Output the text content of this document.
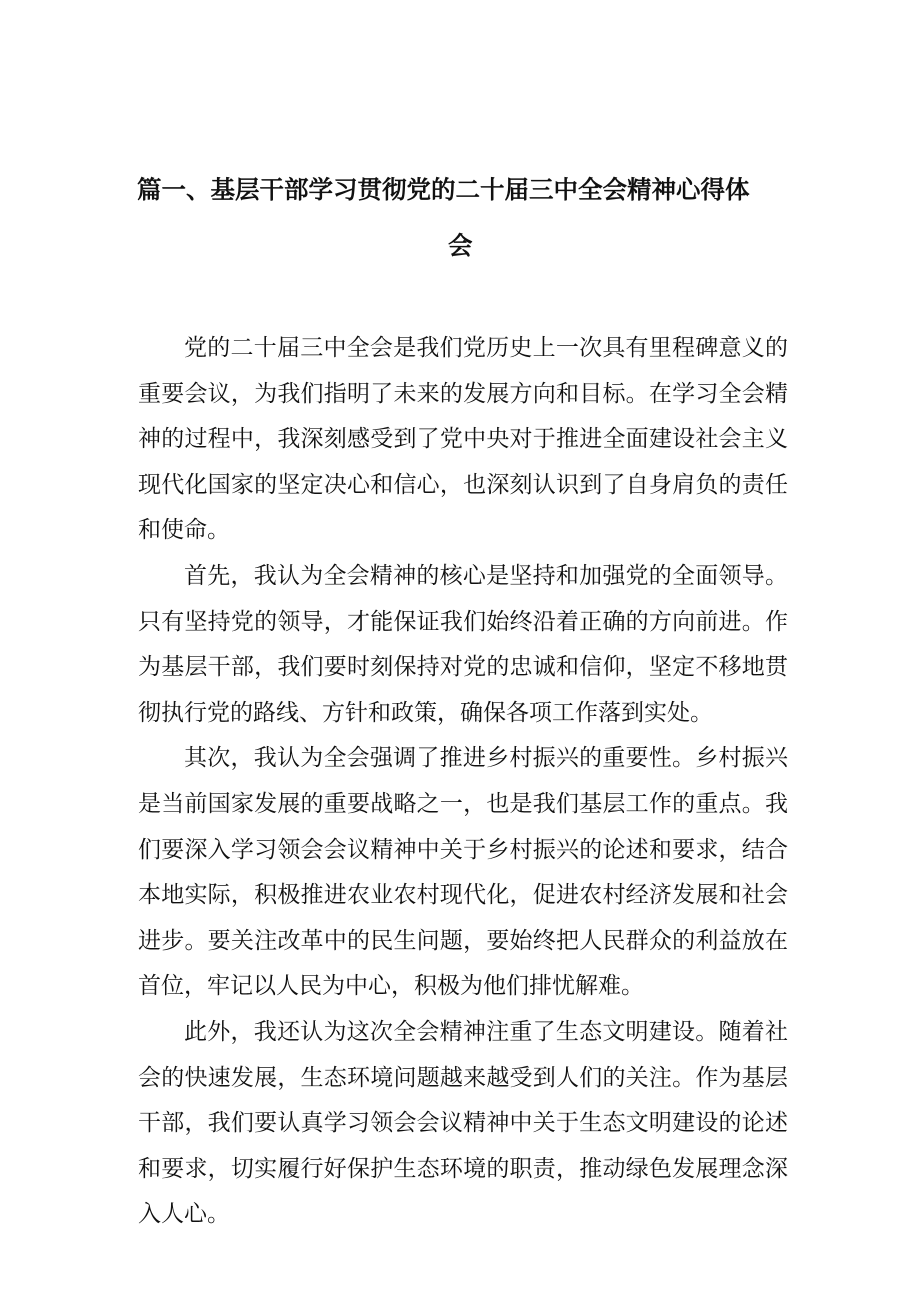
篇一、基层干部学习贯彻党的二十届三中全会精神心得体
会

党的二十届三中全会是我们党历史上一次具有里程碑意义的重要会议，为我们指明了未来的发展方向和目标。在学习全会精神的过程中，我深刻感受到了党中央对于推进全面建设社会主义现代化国家的坚定决心和信心，也深刻认识到了自身肩负的责任和使命。

首先，我认为全会精神的核心是坚持和加强党的全面领导。只有坚持党的领导，才能保证我们始终沿着正确的方向前进。作为基层干部，我们要时刻保持对党的忠诚和信仰，坚定不移地贯彻执行党的路线、方针和政策，确保各项工作落到实处。

其次，我认为全会强调了推进乡村振兴的重要性。乡村振兴是当前国家发展的重要战略之一，也是我们基层工作的重点。我们要深入学习领会会议精神中关于乡村振兴的论述和要求，结合本地实际，积极推进农业农村现代化，促进农村经济发展和社会进步。要关注改革中的民生问题，要始终把人民群众的利益放在首位，牢记以人民为中心，积极为他们排忧解难。

此外，我还认为这次全会精神注重了生态文明建设。随着社会的快速发展，生态环境问题越来越受到人们的关注。作为基层干部，我们要认真学习领会会议精神中关于生态文明建设的论述和要求，切实履行好保护生态环境的职责，推动绿色发展理念深入人心。
